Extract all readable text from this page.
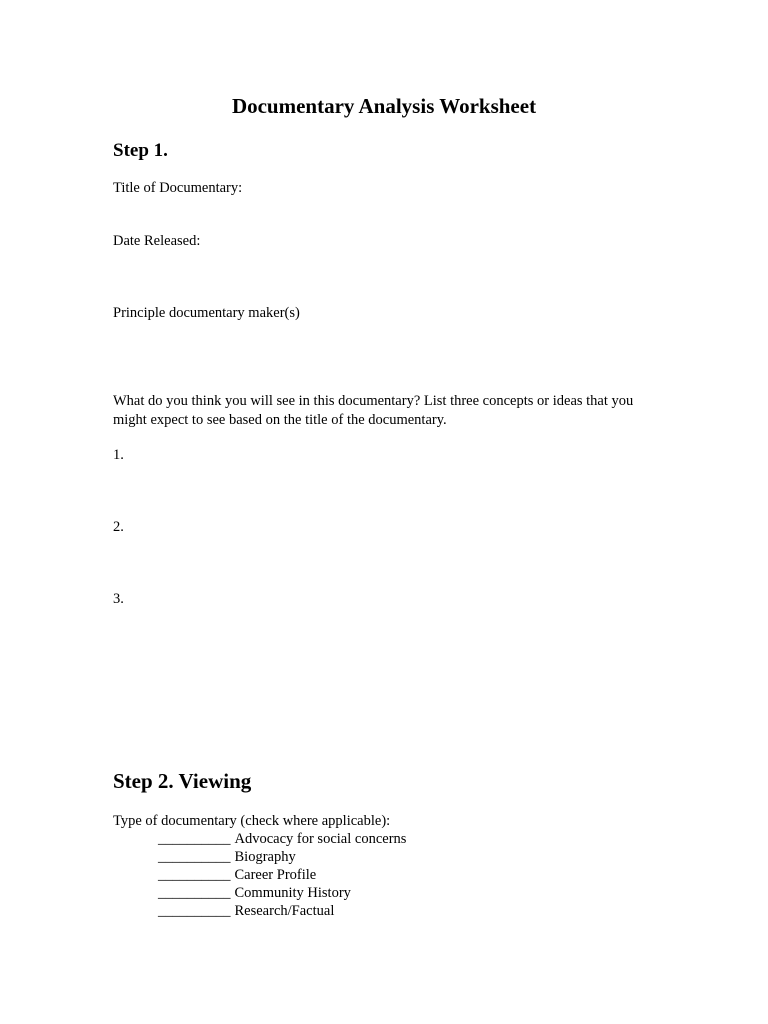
Documentary Analysis Worksheet
Step 1.
Title of Documentary:
Date Released:
Principle documentary maker(s)
What do you think you will see in this documentary? List three concepts or ideas that you
might expect to see based on the title of the documentary.
1.
2.
3.
Step 2. Viewing
Type of documentary (check where applicable):
__________ Advocacy for social concerns
__________ Biography
__________ Career Profile
__________ Community History
__________ Research/Factual
